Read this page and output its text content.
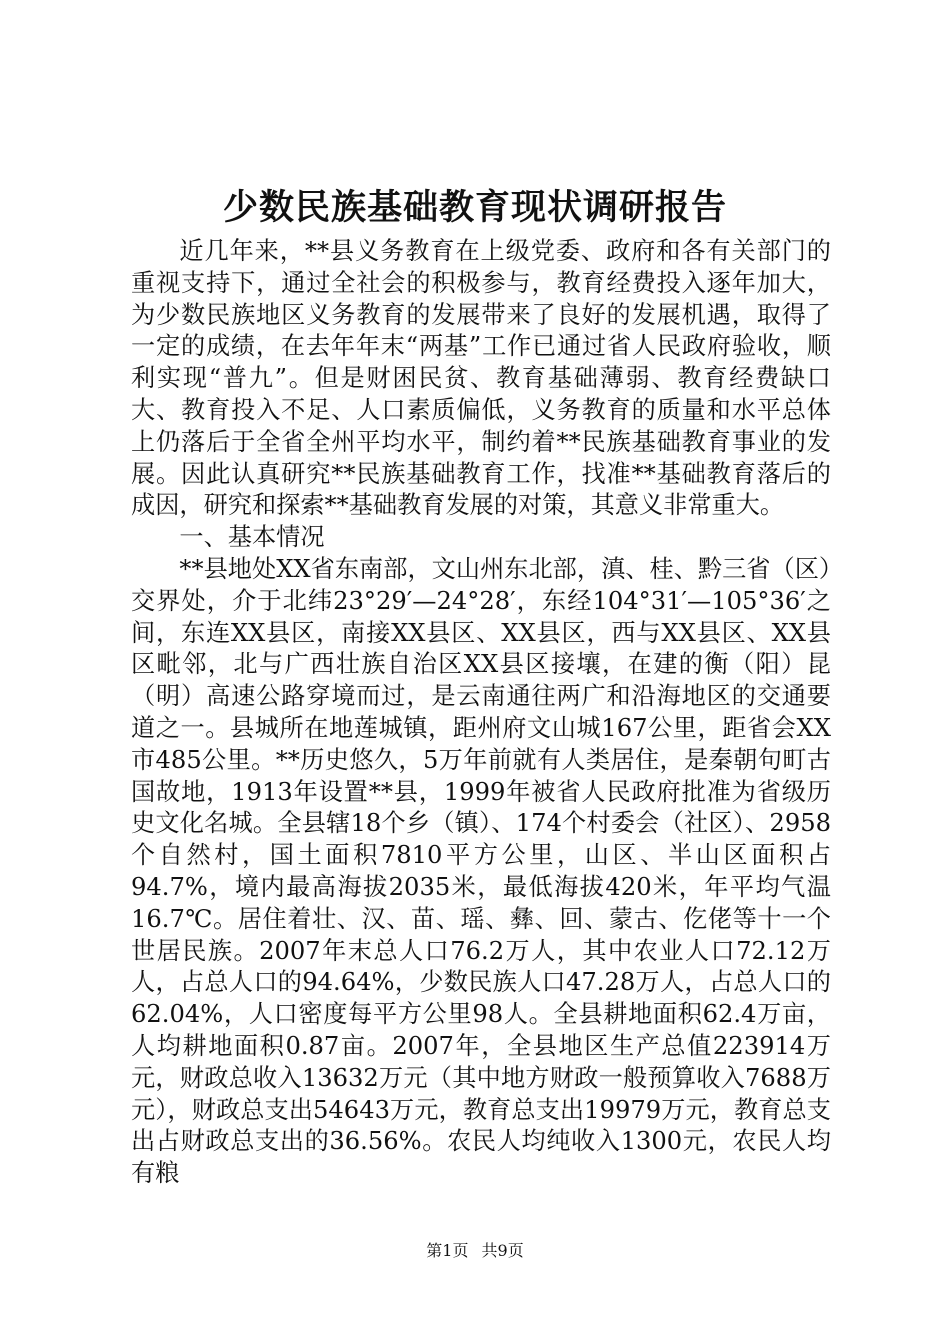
少数民族基础教育现状调研报告

近几年来，**县义务教育在上级党委、政府和各有关部门的重视支持下，通过全社会的积极参与，教育经费投入逐年加大，为少数民族地区义务教育的发展带来了良好的发展机遇，取得了一定的成绩，在去年年末“两基”工作已通过省人民政府验收，顺利实现“普九”。但是财困民贫、教育基础薄弱、教育经费缺口大、教育投入不足、人口素质偏低，义务教育的质量和水平总体上仍落后于全省全州平均水平，制约着**民族基础教育事业的发展。因此认真研究**民族基础教育工作，找准**基础教育落后的成因，研究和探索**基础教育发展的对策，其意义非常重大。

一、基本情况

**县地处XX省东南部，文山州东北部，滇、桂、黔三省（区）交界处，介于北纬23°29′—24°28′，东经104°31′—105°36′之间，东连XX县区，南接XX县区、XX县区，西与XX县区、XX县区毗邻，北与广西壮族自治区XX县区接壤，在建的衡（阳）昆（明）高速公路穿境而过，是云南通往两广和沿海地区的交通要道之一。县城所在地莲城镇，距州府文山城167公里，距省会XX市485公里。**历史悠久，5万年前就有人类居住，是秦朝句町古国故地，1913年设置**县，1999年被省人民政府批准为省级历史文化名城。全县辖18个乡（镇）、174个村委会（社区）、2958个自然村，国土面积7810平方公里，山区、半山区面积占94.7%，境内最高海拔2035米，最低海拔420米，年平均气温16.7℃。居住着壮、汉、苗、瑶、彝、回、蒙古、仡佬等十一个世居民族。2007年末总人口76.2万人，其中农业人口72.12万人，占总人口的94.64%，少数民族人口47.28万人，占总人口的62.04%，人口密度每平方公里98人。全县耕地面积62.4万亩，人均耕地面积0.87亩。2007年，全县地区生产总值223914万元，财政总收入13632万元（其中地方财政一般预算收入7688万元），财政总支出54643万元，教育总支出19979万元，教育总支出占财政总支出的36.56%。农民人均纯收入1300元，农民人均有粮

第1页 共9页
